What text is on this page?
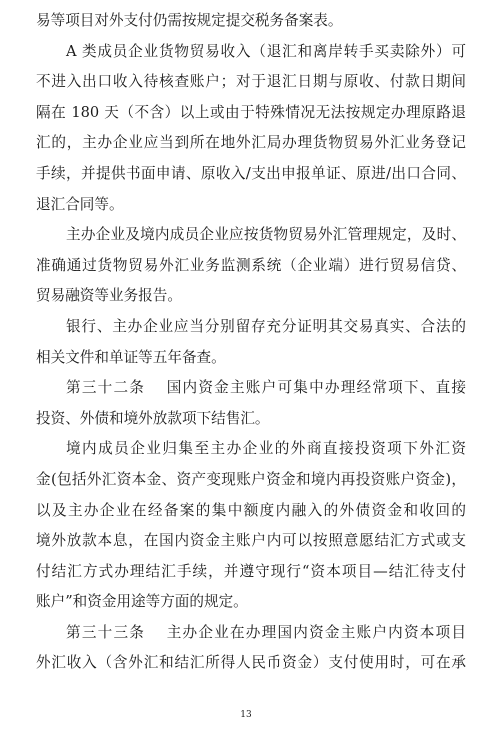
易等项目对外支付仍需按规定提交税务备案表。
A 类成员企业货物贸易收入（退汇和离岸转手买卖除外）可
不进入出口收入待核查账户；对于退汇日期与原收、付款日期间
隔在 180 天（不含）以上或由于特殊情况无法按规定办理原路退
汇的，主办企业应当到所在地外汇局办理货物贸易外汇业务登记
手续，并提供书面申请、原收入/支出申报单证、原进/出口合同、
退汇合同等。
主办企业及境内成员企业应按货物贸易外汇管理规定，及时、
准确通过货物贸易外汇业务监测系统（企业端）进行贸易信贷、
贸易融资等业务报告。
银行、主办企业应当分别留存充分证明其交易真实、合法的
相关文件和单证等五年备查。
第三十二条　 国内资金主账户可集中办理经常项下、直接
投资、外债和境外放款项下结售汇。
境内成员企业归集至主办企业的外商直接投资项下外汇资
金(包括外汇资本金、资产变现账户资金和境内再投资账户资金)，
以及主办企业在经备案的集中额度内融入的外债资金和收回的
境外放款本息，在国内资金主账户内可以按照意愿结汇方式或支
付结汇方式办理结汇手续，并遵守现行“资本项目—结汇待支付
账户”和资金用途等方面的规定。
第三十三条　 主办企业在办理国内资金主账户内资本项目
外汇收入（含外汇和结汇所得人民币资金）支付使用时，可在承
13
